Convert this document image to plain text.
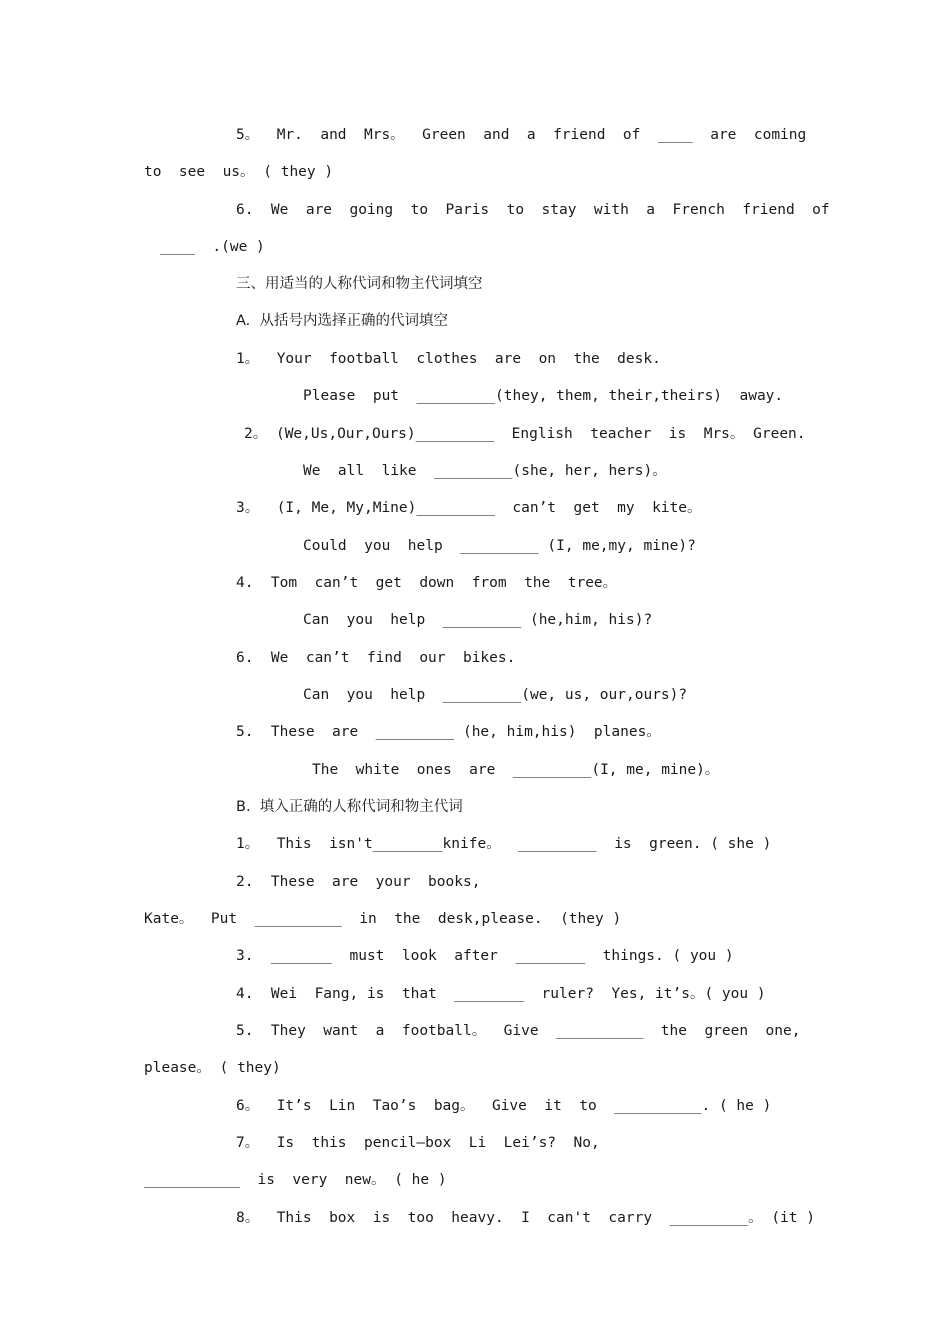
5。  Mr.  and  Mrs。  Green  and  a  friend  of  ____  are  coming
to  see  us。 ( they )
6.  We  are  going  to  Paris  to  stay  with  a  French  friend  of
____  .(we )
三、用适当的人称代词和物主代词填空
A.  从括号内选择正确的代词填空
1。  Your  football  clothes  are  on  the  desk.
Please  put  _________(they, them, their,theirs)  away.
2。 (We,Us,Our,Ours)_________  English  teacher  is  Mrs。 Green.
We  all  like  _________(she, her, hers)。
3。  (I, Me, My,Mine)_________  can’t  get  my  kite。
Could  you  help  _________ (I, me,my, mine)?
4.  Tom  can’t  get  down  from  the  tree。
Can  you  help  _________ (he,him, his)?
6.  We  can’t  find  our  bikes.
Can  you  help  _________(we, us, our,ours)?
5.  These  are  _________ (he, him,his)  planes。
The  white  ones  are  _________(I, me, mine)。
B.  填入正确的人称代词和物主代词
1。  This  isn't________knife。  _________  is  green. ( she )
2.  These  are  your  books,
Kate。  Put  __________  in  the  desk,please.  (they )
3.  _______  must  look  after  ________  things. ( you )
4.  Wei  Fang, is  that  ________  ruler?  Yes, it’s。( you )
5.  They  want  a  football。  Give  __________  the  green  one,
please。 ( they)
6。  It’s  Lin  Tao’s  bag。  Give  it  to  __________. ( he )
7。  Is  this  pencil—box  Li  Lei’s?  No,
___________  is  very  new。 ( he )
8。  This  box  is  too  heavy.  I  can't  carry  _________。 (it )
